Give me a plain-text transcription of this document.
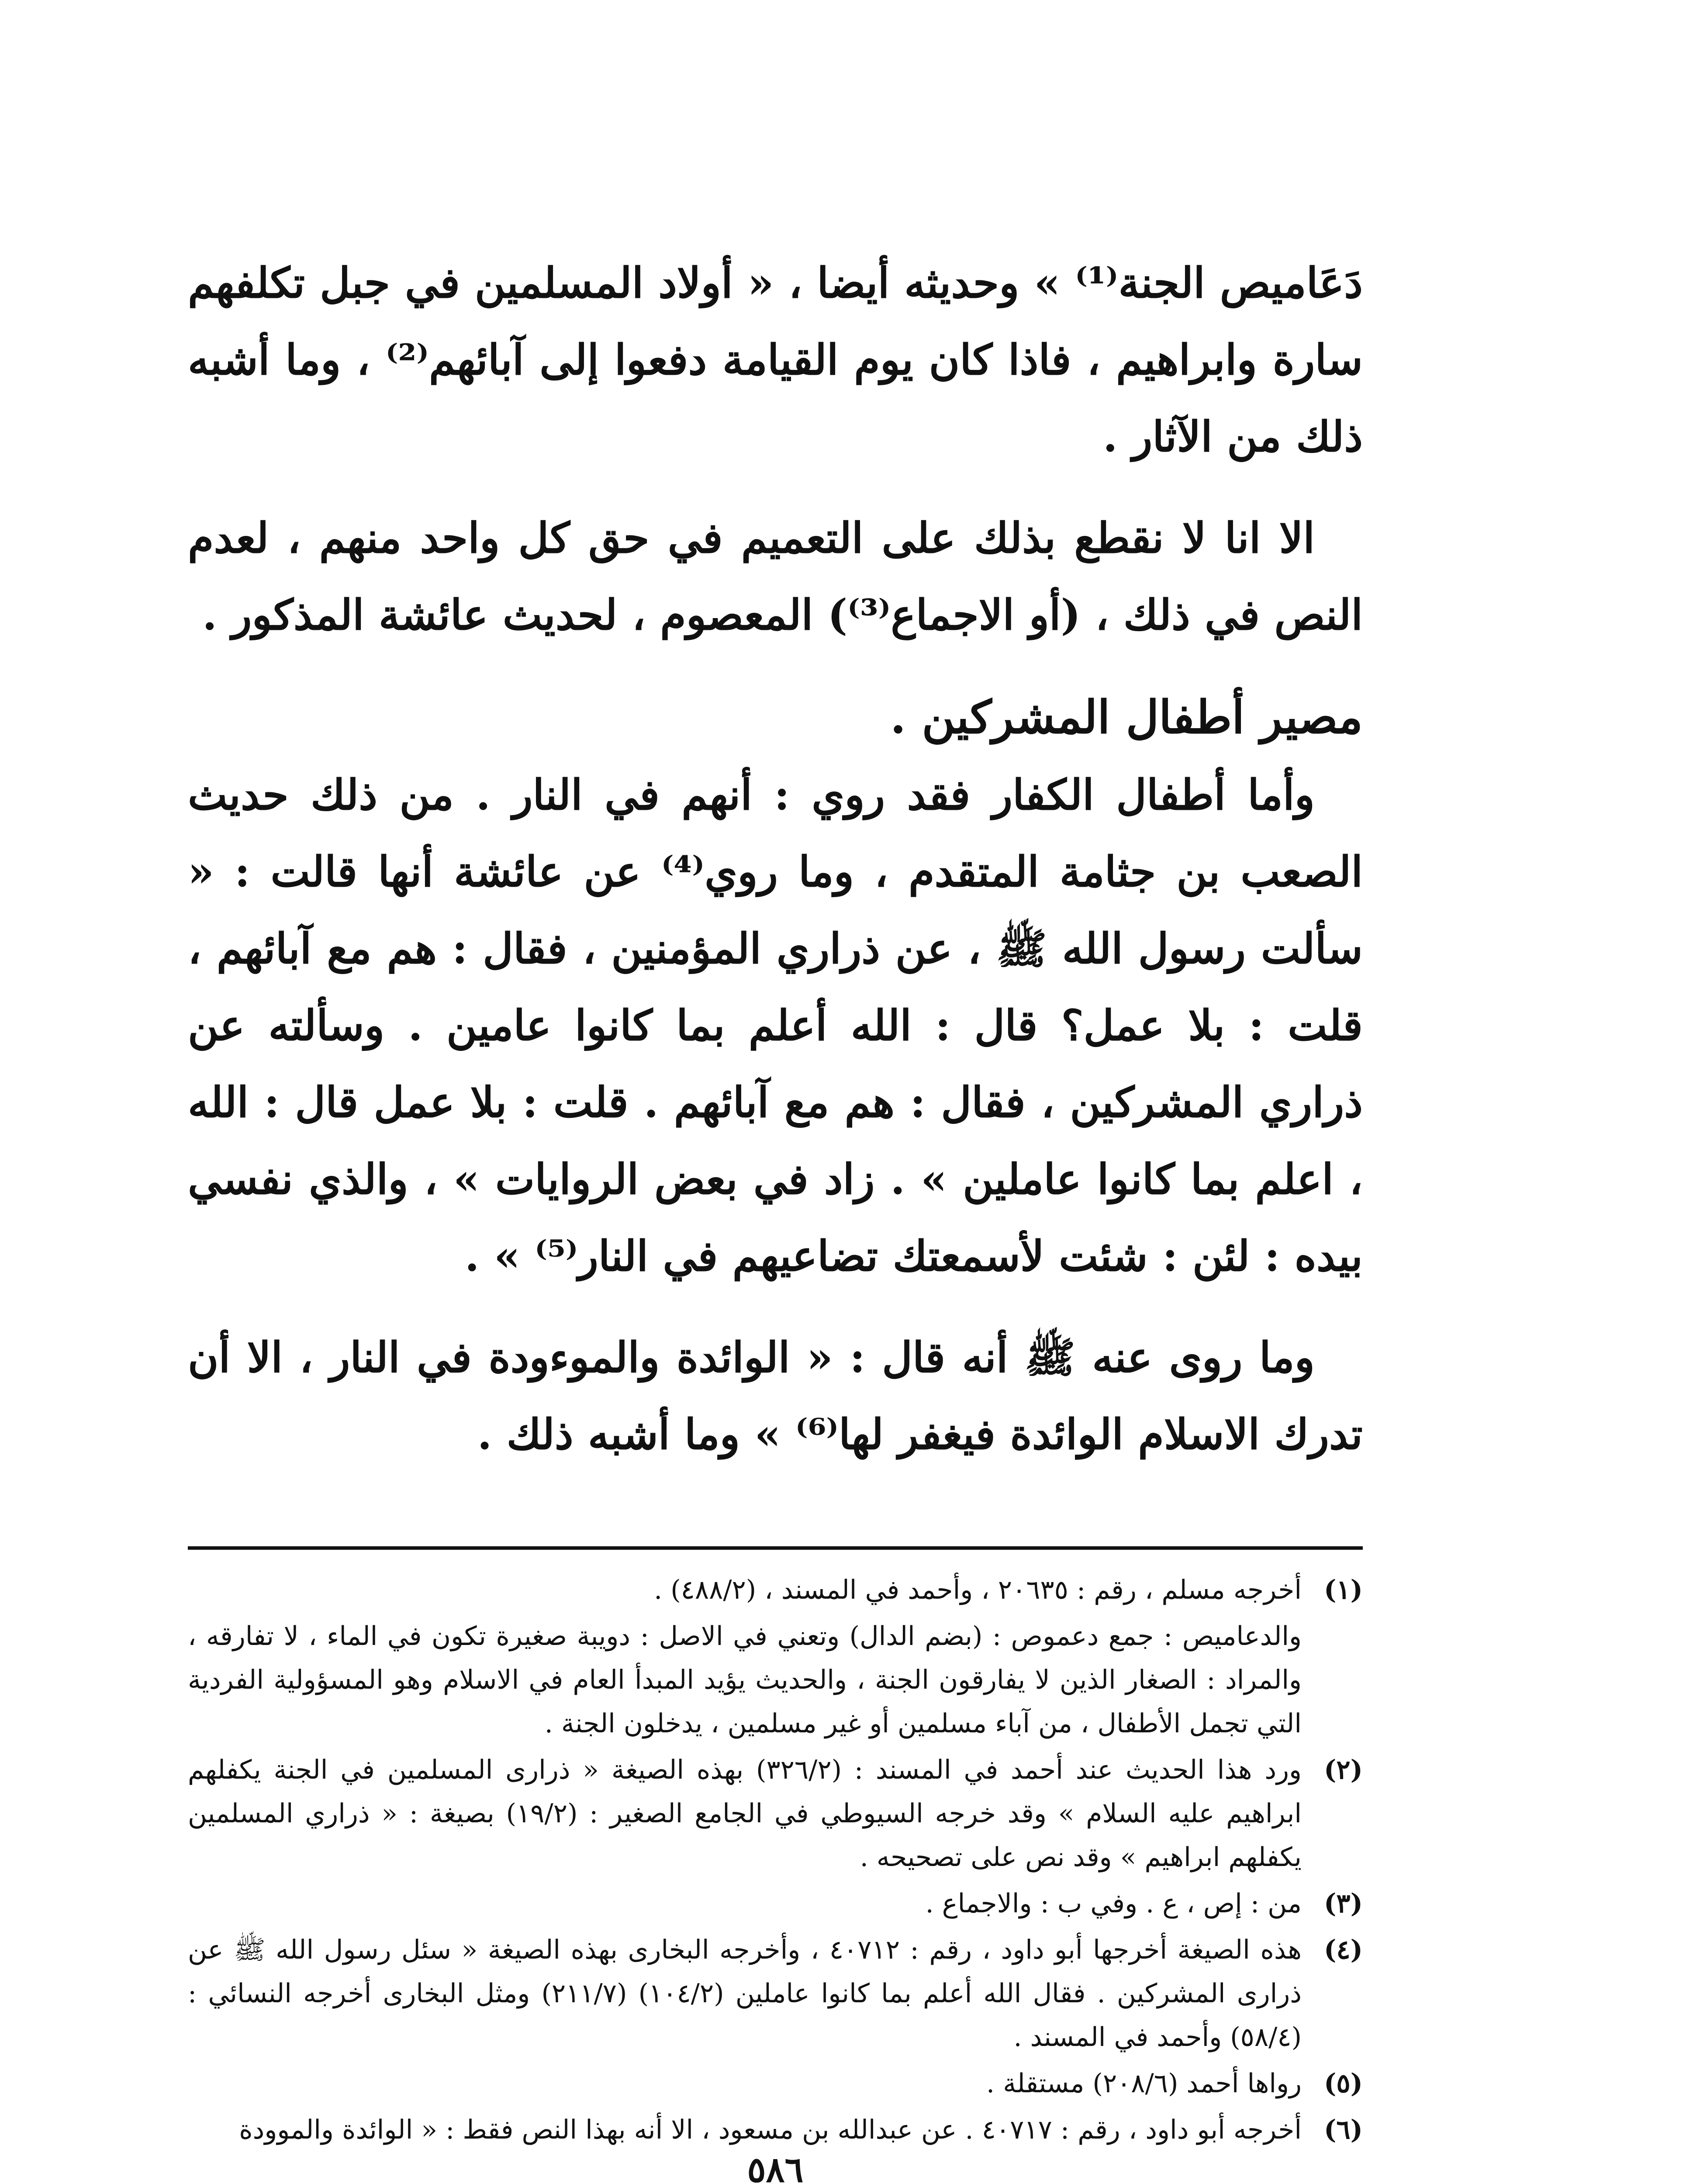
دَعَاميص الجنة⁽¹⁾ » وحديثه أيضا ، « أولاد المسلمين في جبل تكلفهم سارة وابراهيم ، فاذا كان يوم القيامة دفعوا إلى آبائهم⁽²⁾ ، وما أشبه ذلك من الآثار .

الا انا لا نقطع بذلك على التعميم في حق كل واحد منهم ، لعدم النص في ذلك ، (أو الاجماع⁽³⁾) المعصوم ، لحديث عائشة المذكور .

مصير أطفال المشركين .

وأما أطفال الكفار فقد روي : أنهم في النار . من ذلك حديث الصعب بن جثامة المتقدم ، وما روي⁽⁴⁾ عن عائشة أنها قالت : « سألت رسول الله ﷺ ، عن ذراري المؤمنين ، فقال : هم مع آبائهم ، قلت : بلا عمل؟ قال : الله أعلم بما كانوا عامين . وسألته عن ذراري المشركين ، فقال : هم مع آبائهم . قلت : بلا عمل قال : الله ، اعلم بما كانوا عاملين » . زاد في بعض الروايات » ، والذي نفسي بيده : لئن : شئت لأسمعتك تضاعيهم في النار⁽⁵⁾ » .

وما روى عنه ﷺ أنه قال : « الوائدة والموءودة في النار ، الا أن تدرك الاسلام الوائدة فيغفر لها⁽⁶⁾ » وما أشبه ذلك .

(١)
أخرجه مسلم ، رقم : ٢٠٦٣٥ ، وأحمد في المسند ، (٤٨٨/٢) .
والدعاميص : جمع دعموص : (بضم الدال) وتعني في الاصل : دويبة صغيرة تكون في الماء ، لا تفارقه ، والمراد : الصغار الذين لا يفارقون الجنة ، والحديث يؤيد المبدأ العام في الاسلام وهو المسؤولية الفردية التي تجمل الأطفال ، من آباء مسلمين أو غير مسلمين ، يدخلون الجنة .
(٢)
ورد هذا الحديث عند أحمد في المسند : (٣٢٦/٢) بهذه الصيغة « ذرارى المسلمين في الجنة يكفلهم ابراهيم عليه السلام » وقد خرجه السيوطي في الجامع الصغير : (١٩/٢) بصيغة : « ذراري المسلمين يكفلهم ابراهيم » وقد نص على تصحيحه .
(٣)
من : إص ، ع . وفي ب : والاجماع .
(٤)
هذه الصيغة أخرجها أبو داود ، رقم : ٤٠٧١٢ ، وأخرجه البخارى بهذه الصيغة « سئل رسول الله ﷺ عن ذرارى المشركين . فقال الله أعلم بما كانوا عاملين (١٠٤/٢) (٢١١/٧) ومثل البخارى أخرجه النسائي : (٥٨/٤) وأحمد في المسند .
(٥)
رواها أحمد (٢٠٨/٦) مستقلة .
(٦)
أخرجه أبو داود ، رقم : ٤٠٧١٧ . عن عبدالله بن مسعود ، الا أنه بهذا النص فقط : « الوائدة والموودة
٥٨٦
